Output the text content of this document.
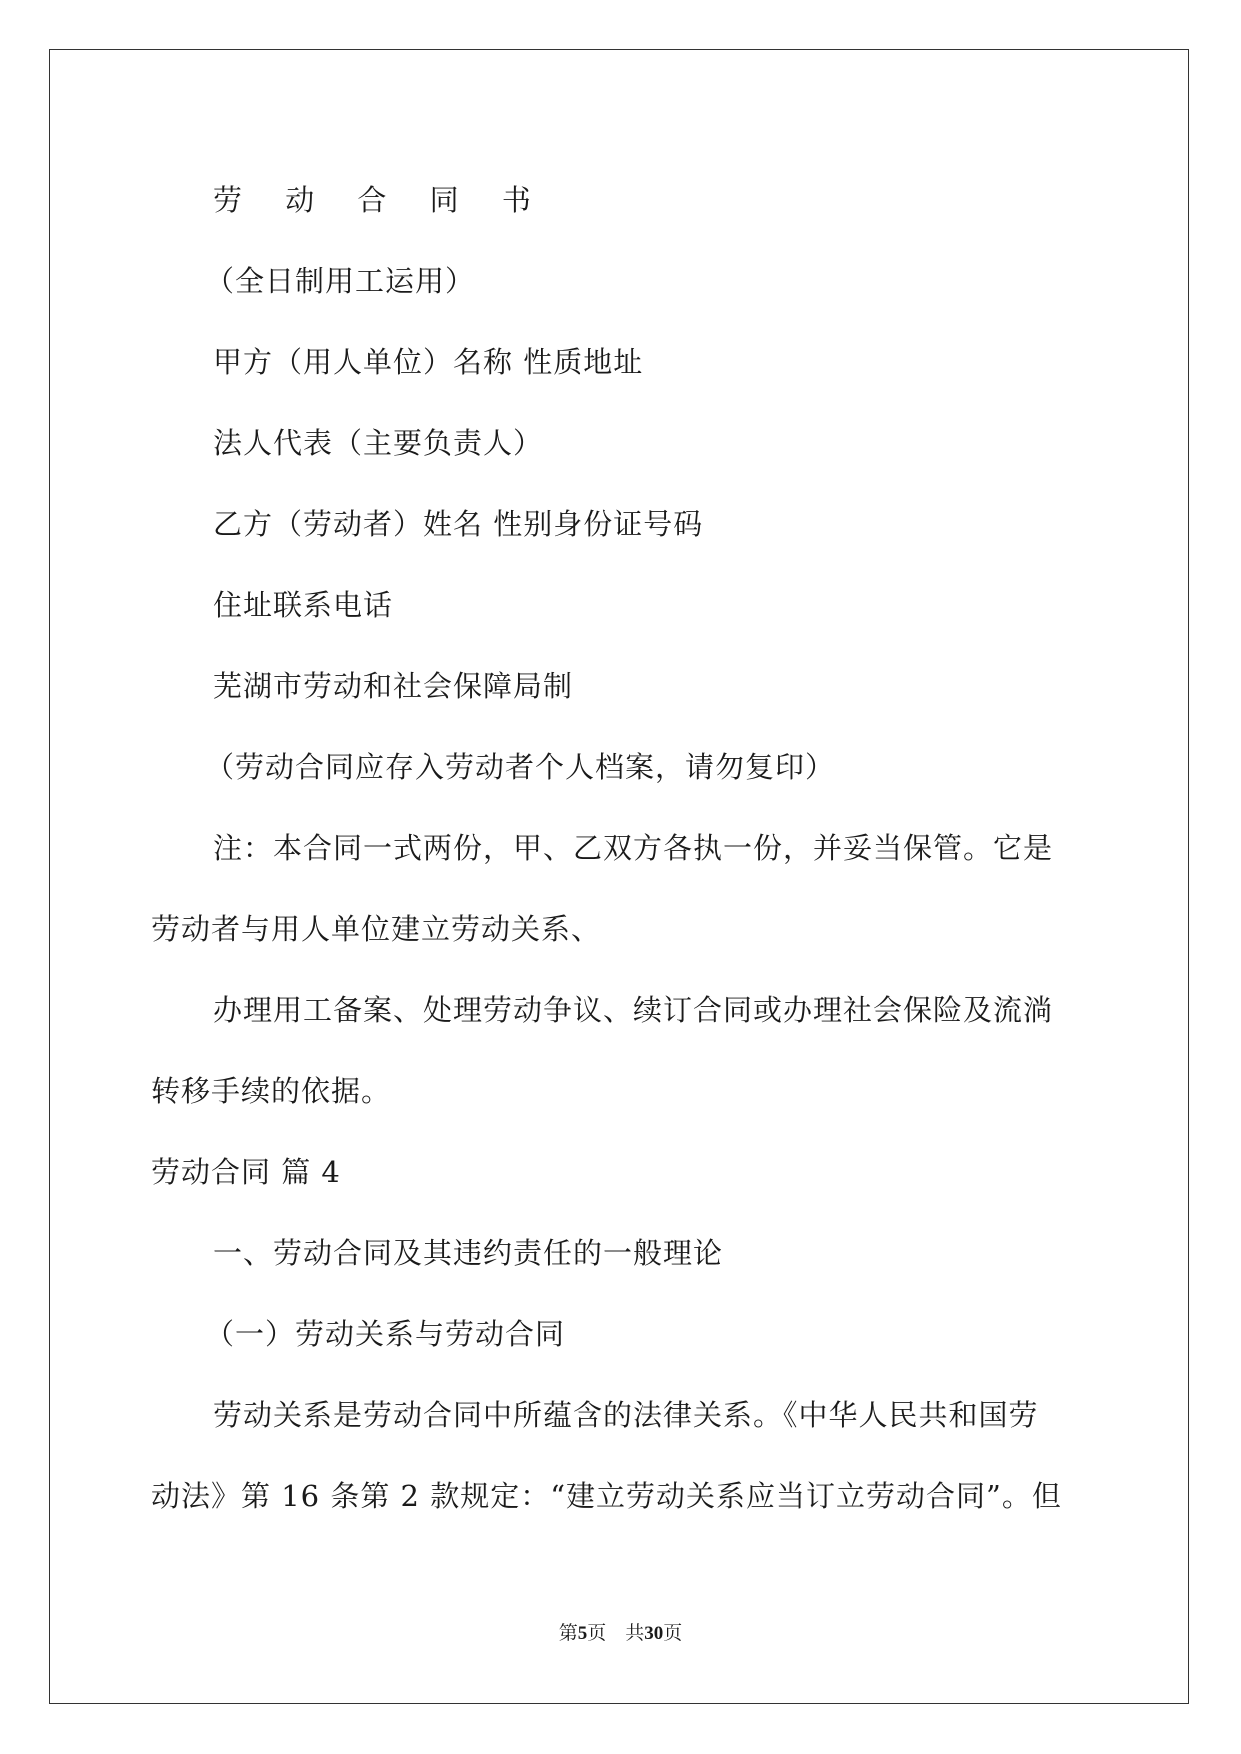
劳 动 合 同 书
（全日制用工运用）
甲方（用人单位）名称 性质地址
法人代表（主要负责人）
乙方（劳动者）姓名 性别身份证号码
住址联系电话
芜湖市劳动和社会保障局制
（劳动合同应存入劳动者个人档案，请勿复印）
注：本合同一式两份，甲、乙双方各执一份，并妥当保管。它是
劳动者与用人单位建立劳动关系、
办理用工备案、处理劳动争议、续订合同或办理社会保险及流淌
转移手续的依据。
劳动合同 篇 4
一、劳动合同及其违约责任的一般理论
（一）劳动关系与劳动合同
劳动关系是劳动合同中所蕴含的法律关系。《中华人民共和国劳
动法》第 16 条第 2 款规定：“建立劳动关系应当订立劳动合同”。但
第5页　共30页
